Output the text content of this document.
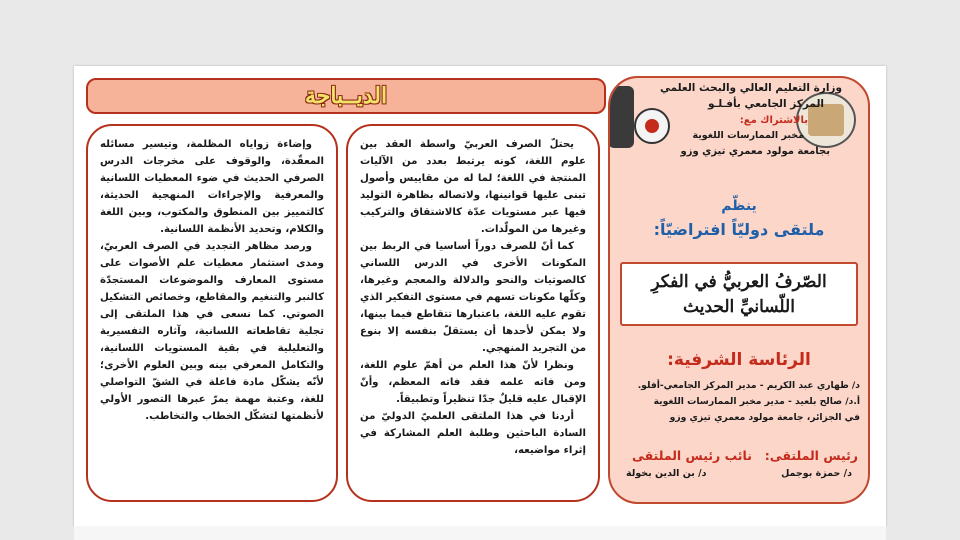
الديــباجة

يحتلّ الصرف العربيّ واسطة العقد بين علوم اللغة، كونه يرتبط بعدد من الآليات المنتجة في اللغة؛ لما له من مقاييس وأصول تبنى عليها قوانينها، ولاتصاله بظاهرة التوليد فيها عبر مستويات عدّة كالاشتقاق والتركيب وغيرها من المولّدات.

كما أنّ للصرف دوراً أساسيا في الربط بين المكونات الأخرى في الدرس اللساني كالصوتيات والنحو والدلالة والمعجم وغيرها، وكلّها مكونات تسهم في مستوى التفكير الذي تقوم عليه اللغة، باعتبارها تتقاطع فيما بينها، ولا يمكن لأحدها أن يستقلّ بنفسه إلا بنوع من التجريد المنهجي.

ونظرا لأنّ هذا العلم من أهمّ علوم اللغة، ومن فاته علمه فقد فاته المعظم، وأنّ الإقبال عليه قليلٌ جدّا تنظيراً وتطبيقاً.

أردنا في هذا الملتقى العلميّ الدوليّ من السادة الباحثين وطلبة العلم المشاركة في إثراء مواضيعه،

وإضاءة زواياه المظلمة، وتيسير مسائله المعقّدة، والوقوف على مخرجات الدرس الصرفي الحديث في ضوء المعطيات اللسانية والمعرفية والإجراءات المنهجية الحديثة، كالتمييز بين المنطوق والمكتوب، وبين اللغة والكلام، وتحديد الأنظمة اللسانية.

ورصد مظاهر التجديد في الصرف العربيّ، ومدى استثمار معطيات علم الأصوات على مستوى المعارف والموضوعات المستجدّة كالنبر والتنغيم والمقاطع، وخصائص التشكيل الصوتي. كما نسعى في هذا الملتقى إلى تجلية تقاطعاته اللسانية، وآثاره التفسيرية والتعليلية في بقية المستويات اللسانية، والتكامل المعرفي بينه وبين العلوم الأخرى؛ لأنّه يشكّل مادة فاعلة في الشقّ التواصلي للغة، وعتبة مهمة يمرّ عبرها التصور الأولي لأنظمتها لتشكّل الخطاب والتخاطب.

وزارة التعليم العالي والبحث العلمي
المركز الجامعي بأفـلـو
بالاشتراك مع:
مخبر الممارسات اللغوية
بجامعة مولود معمري تيزي وزو
ينظّم
ملتقى دوليّاً افتراضيّاً:
الصّرفُ العربيُّ في الفكرِ
اللّسانيِّ الحديث
الرئاسة الشرفية:
د/ طهاري عبد الكريم - مدير المركز الجامعي-أفلو.
أ.د/ صالح بلعيد - مدير مخبر الممارسات اللغوية
في الجزائر، جامعة مولود معمري تيزي وزو
رئيس الملتقى:
نائب رئيس الملتقى
د/ حمزة بوجمل
د/ بن الدين بخولة
